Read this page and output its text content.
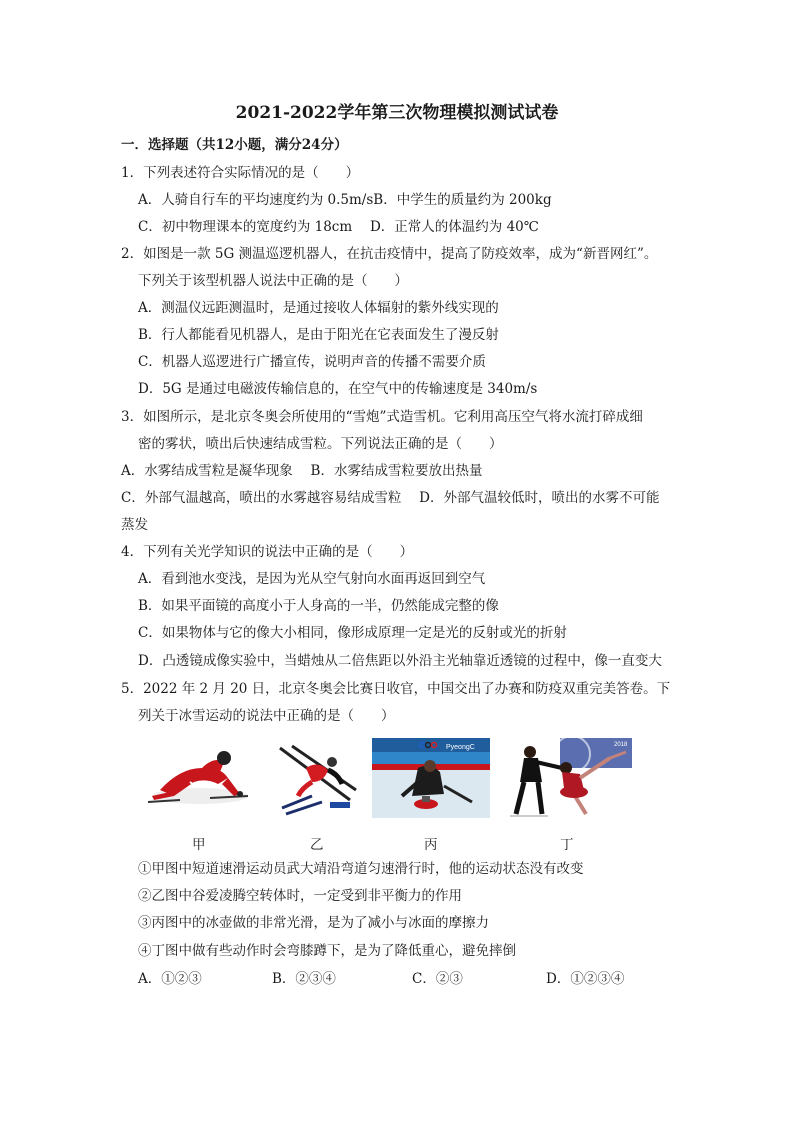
2021-2022学年第三次物理模拟测试试卷
一．选择题（共12小题，满分24分）
1．下列表述符合实际情况的是（　　）
A．人骑自行车的平均速度约为 0.5m/sB．中学生的质量约为 200kg
C．初中物理课本的宽度约为 18cm　 D．正常人的体温约为 40℃
2．如图是一款 5G 测温巡逻机器人，在抗击疫情中，提高了防疫效率，成为“新晋网红”。
下列关于该型机器人说法中正确的是（　　）
A．测温仪远距测温时，是通过接收人体辐射的紫外线实现的
B．行人都能看见机器人，是由于阳光在它表面发生了漫反射
C．机器人巡逻进行广播宣传，说明声音的传播不需要介质
D．5G 是通过电磁波传输信息的，在空气中的传输速度是 340m/s
3．如图所示，是北京冬奥会所使用的“雪炮”式造雪机。它利用高压空气将水流打碎成细
密的雾状，喷出后快速结成雪粒。下列说法正确的是（　　）
A．水雾结成雪粒是凝华现象　 B．水雾结成雪粒要放出热量
C．外部气温越高，喷出的水雾越容易结成雪粒　 D．外部气温较低时，喷出的水雾不可能
蒸发
4．下列有关光学知识的说法中正确的是（　　）
A．看到池水变浅，是因为光从空气射向水面再返回到空气
B．如果平面镜的高度小于人身高的一半，仍然能成完整的像
C．如果物体与它的像大小相同，像形成原理一定是光的反射或光的折射
D．凸透镜成像实验中，当蜡烛从二倍焦距以外沿主光轴靠近透镜的过程中，像一直变大
5．2022 年 2 月 20 日，北京冬奥会比赛日收官，中国交出了办赛和防疫双重完美答卷。下
列关于冰雪运动的说法中正确的是（　　）
PyeongC	2018
甲	乙	丙	丁
①甲图中短道速滑运动员武大靖沿弯道匀速滑行时，他的运动状态没有改变
②乙图中谷爱凌腾空转体时，一定受到非平衡力的作用
③丙图中的冰壶做的非常光滑，是为了减小与冰面的摩擦力
④丁图中做有些动作时会弯膝蹲下，是为了降低重心，避免摔倒
A．①②③	B．②③④	C．②③	D．①②③④
